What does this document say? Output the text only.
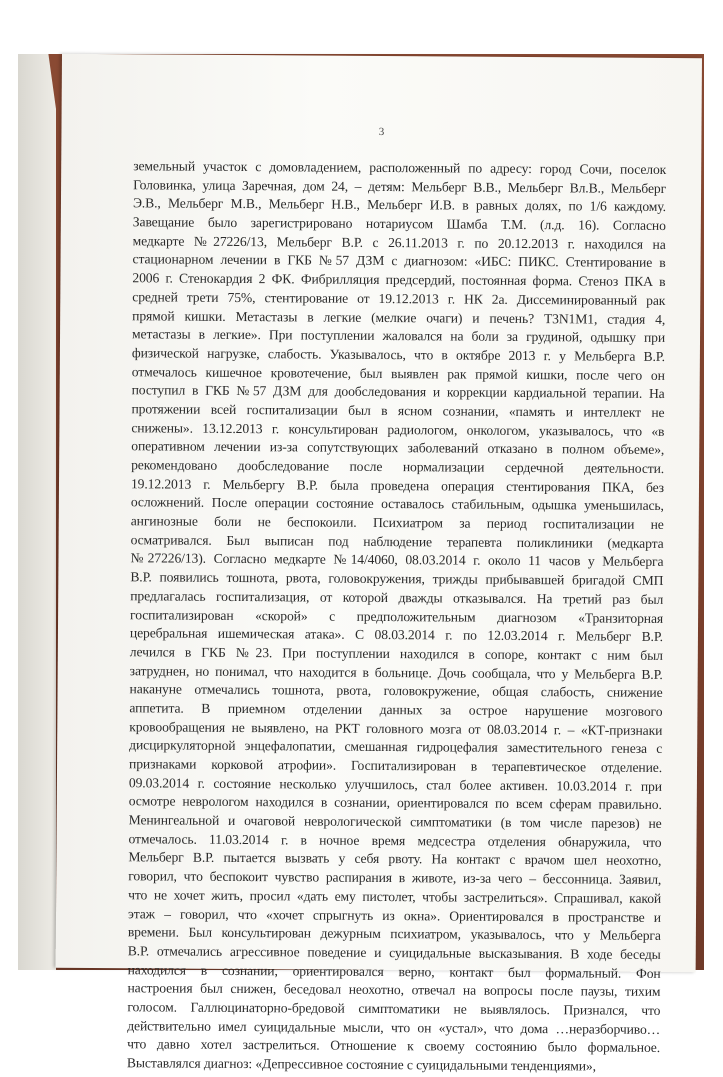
3
земельный участок с домовладением, расположенный по адресу: город Сочи, поселок
Головинка, улица Заречная, дом 24, – детям: Мельберг В.В., Мельберг Вл.В., Мельберг
Э.В., Мельберг М.В., Мельберг Н.В., Мельберг И.В. в равных долях, по 1/6 каждому.
Завещание было зарегистрировано нотариусом Шамба Т.М. (л.д. 16). Согласно
медкарте №27226/13, Мельберг В.Р. с 26.11.2013 г. по 20.12.2013 г. находился на
стационарном лечении в ГКБ №57 ДЗМ с диагнозом: «ИБС: ПИКС. Стентирование в
2006 г. Стенокардия 2 ФК. Фибрилляция предсердий, постоянная форма. Стеноз ПКА в
средней трети 75%, стентирование от 19.12.2013 г. НК 2а. Диссеминированный рак
прямой кишки. Метастазы в легкие (мелкие очаги) и печень? T3N1M1, стадия 4,
метастазы в легкие». При поступлении жаловался на боли за грудиной, одышку при
физической нагрузке, слабость. Указывалось, что в октябре 2013 г. у Мельберга В.Р.
отмечалось кишечное кровотечение, был выявлен рак прямой кишки, после чего он
поступил в ГКБ №57 ДЗМ для дообследования и коррекции кардиальной терапии. На
протяжении всей госпитализации был в ясном сознании, «память и интеллект не
снижены». 13.12.2013 г. консультирован радиологом, онкологом, указывалось, что «в
оперативном лечении из-за сопутствующих заболеваний отказано в полном объеме»,
рекомендовано дообследование после нормализации сердечной деятельности.
19.12.2013 г. Мельбергу В.Р. была проведена операция стентирования ПКА, без
осложнений. После операции состояние оставалось стабильным, одышка уменьшилась,
ангинозные боли не беспокоили. Психиатром за период госпитализации не
осматривался. Был выписан под наблюдение терапевта поликлиники (медкарта
№27226/13). Согласно медкарте №14/4060, 08.03.2014 г. около 11 часов у Мельберга
В.Р. появились тошнота, рвота, головокружения, трижды прибывавшей бригадой СМП
предлагалась госпитализация, от которой дважды отказывался. На третий раз был
госпитализирован «скорой» с предположительным диагнозом «Транзиторная
церебральная ишемическая атака». С 08.03.2014 г. по 12.03.2014 г. Мельберг В.Р.
лечился в ГКБ №23. При поступлении находился в сопоре, контакт с ним был
затруднен, но понимал, что находится в больнице. Дочь сообщала, что у Мельберга В.Р.
накануне отмечались тошнота, рвота, головокружение, общая слабость, снижение
аппетита. В приемном отделении данных за острое нарушение мозгового
кровообращения не выявлено, на РКТ головного мозга от 08.03.2014 г. – «КТ-признаки
дисциркуляторной энцефалопатии, смешанная гидроцефалия заместительного генеза с
признаками корковой атрофии». Госпитализирован в терапевтическое отделение.
09.03.2014 г. состояние несколько улучшилось, стал более активен. 10.03.2014 г. при
осмотре неврологом находился в сознании, ориентировался по всем сферам правильно.
Менингеальной и очаговой неврологической симптоматики (в том числе парезов) не
отмечалось. 11.03.2014 г. в ночное время медсестра отделения обнаружила, что
Мельберг В.Р. пытается вызвать у себя рвоту. На контакт с врачом шел неохотно,
говорил, что беспокоит чувство распирания в животе, из-за чего – бессонница. Заявил,
что не хочет жить, просил «дать ему пистолет, чтобы застрелиться». Спрашивал, какой
этаж – говорил, что «хочет спрыгнуть из окна». Ориентировался в пространстве и
времени. Был консультирован дежурным психиатром, указывалось, что у Мельберга
В.Р. отмечались агрессивное поведение и суицидальные высказывания. В ходе беседы
находился в сознании, ориентировался верно, контакт был формальный. Фон
настроения был снижен, беседовал неохотно, отвечал на вопросы после паузы, тихим
голосом. Галлюцинаторно-бредовой симптоматики не выявлялось. Признался, что
действительно имел суицидальные мысли, что он «устал», что дома …неразборчиво…
что давно хотел застрелиться. Отношение к своему состоянию было формальное.
Выставлялся диагноз: «Депрессивное состояние с суицидальными тенденциями»,
